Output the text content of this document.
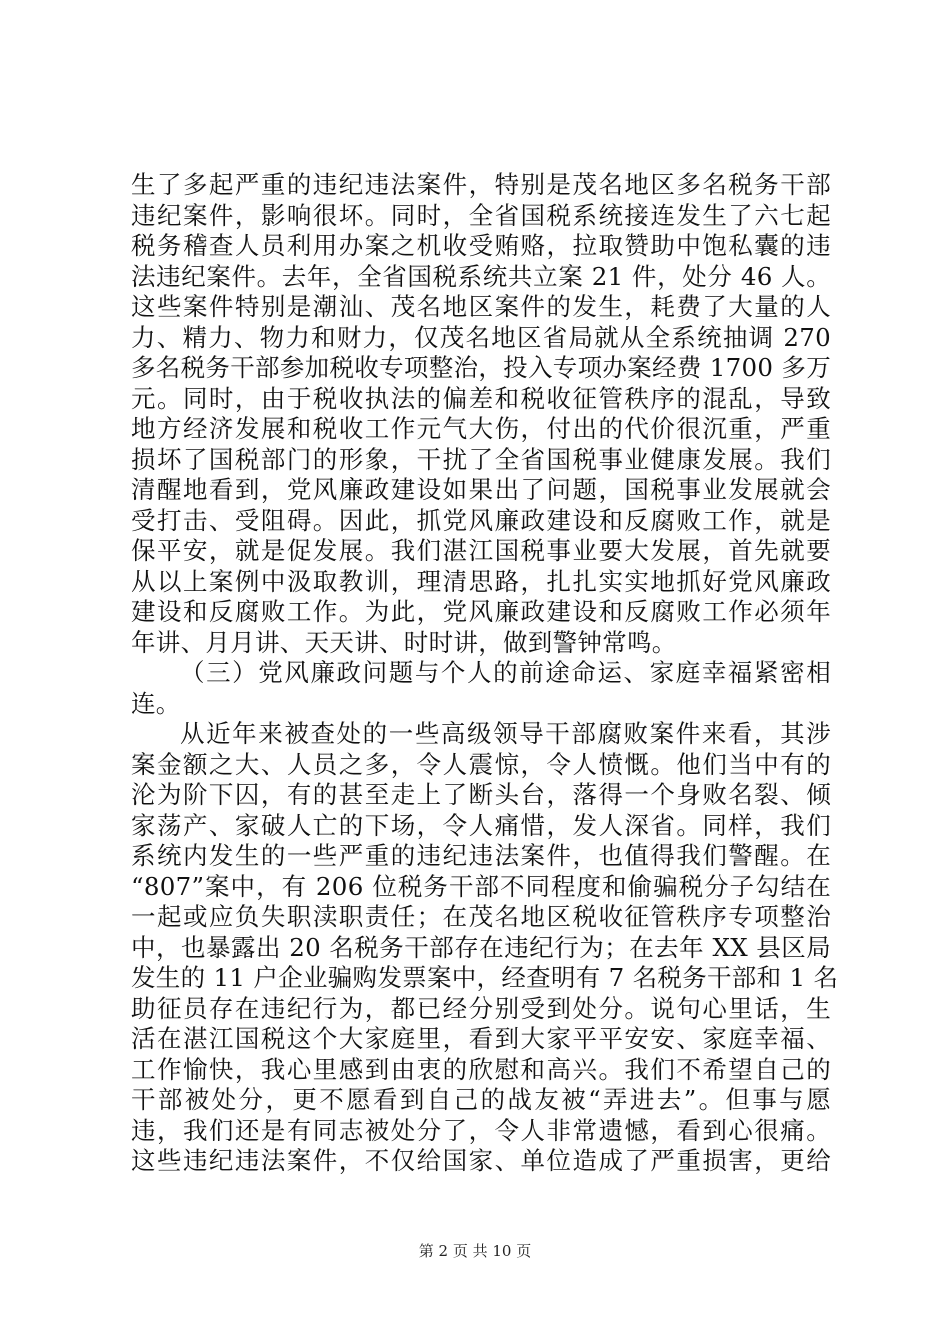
生了多起严重的违纪违法案件，特别是茂名地区多名税务干部
违纪案件，影响很坏。同时，全省国税系统接连发生了六七起
税务稽查人员利用办案之机收受贿赂，拉取赞助中饱私囊的违
法违纪案件。去年，全省国税系统共立案 21 件，处分 46 人。
这些案件特别是潮汕、茂名地区案件的发生，耗费了大量的人
力、精力、物力和财力，仅茂名地区省局就从全系统抽调 270
多名税务干部参加税收专项整治，投入专项办案经费 1700 多万
元。同时，由于税收执法的偏差和税收征管秩序的混乱，导致
地方经济发展和税收工作元气大伤，付出的代价很沉重，严重
损坏了国税部门的形象，干扰了全省国税事业健康发展。我们
清醒地看到，党风廉政建设如果出了问题，国税事业发展就会
受打击、受阻碍。因此，抓党风廉政建设和反腐败工作，就是
保平安，就是促发展。我们湛江国税事业要大发展，首先就要
从以上案例中汲取教训，理清思路，扎扎实实地抓好党风廉政
建设和反腐败工作。为此，党风廉政建设和反腐败工作必须年
年讲、月月讲、天天讲、时时讲，做到警钟常鸣。
（三）党风廉政问题与个人的前途命运、家庭幸福紧密相
连。
从近年来被查处的一些高级领导干部腐败案件来看，其涉
案金额之大、人员之多，令人震惊，令人愤慨。他们当中有的
沦为阶下囚，有的甚至走上了断头台，落得一个身败名裂、倾
家荡产、家破人亡的下场，令人痛惜，发人深省。同样，我们
系统内发生的一些严重的违纪违法案件，也值得我们警醒。在
“807”案中，有 206 位税务干部不同程度和偷骗税分子勾结在
一起或应负失职渎职责任；在茂名地区税收征管秩序专项整治
中，也暴露出 20 名税务干部存在违纪行为；在去年 XX 县区局
发生的 11 户企业骗购发票案中，经查明有 7 名税务干部和 1 名
助征员存在违纪行为，都已经分别受到处分。说句心里话，生
活在湛江国税这个大家庭里，看到大家平平安安、家庭幸福、
工作愉快，我心里感到由衷的欣慰和高兴。我们不希望自己的
干部被处分，更不愿看到自己的战友被“弄进去”。但事与愿
违，我们还是有同志被处分了，令人非常遗憾，看到心很痛。
这些违纪违法案件，不仅给国家、单位造成了严重损害，更给
第 2 页 共 10 页
